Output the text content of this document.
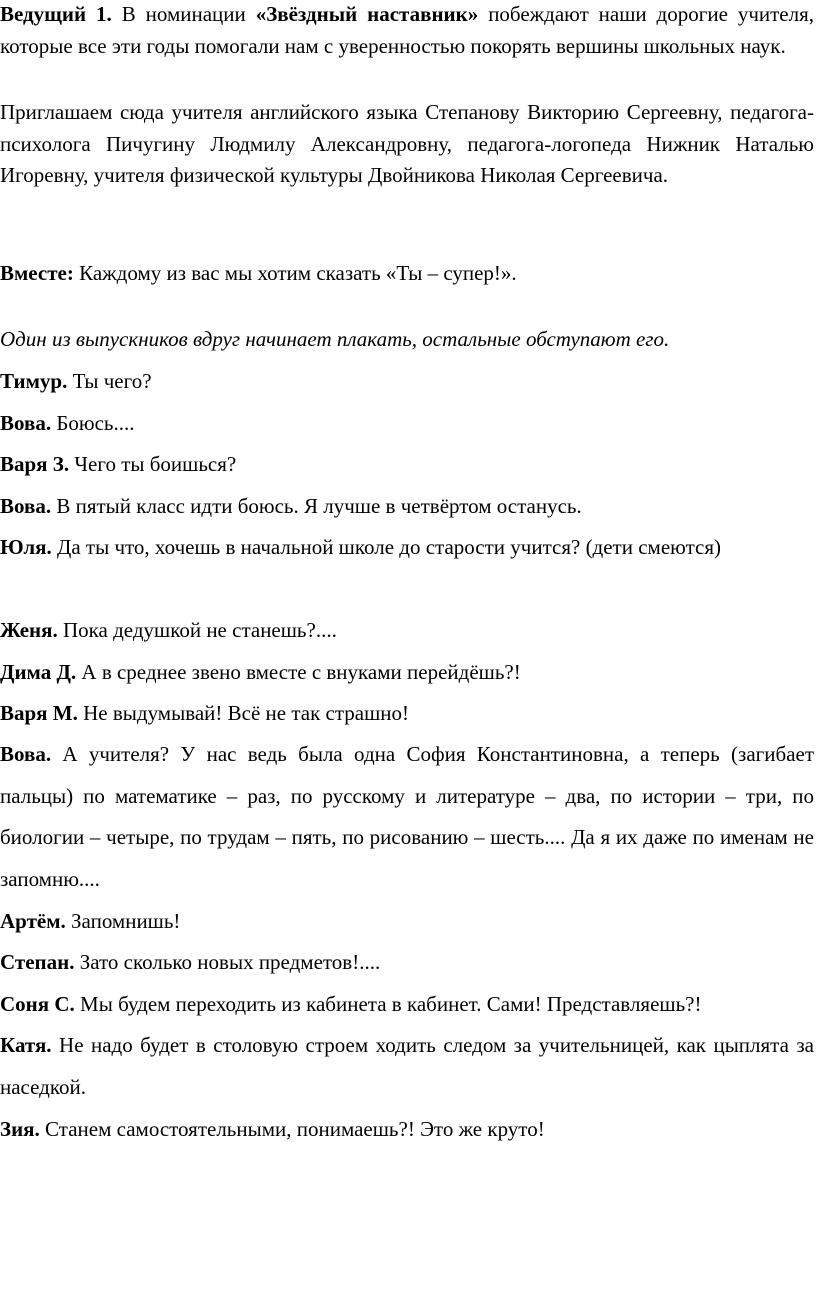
Ведущий 1. В номинации «Звёздный наставник» побеждают наши дорогие учителя, которые все эти годы помогали нам с уверенностью покорять вершины школьных наук.

Приглашаем сюда учителя английского языка Степанову Викторию Сергеевну, педагога-психолога Пичугину Людмилу Александровну, педагога-логопеда Нижник Наталью Игоревну, учителя физической культуры Двойникова Николая Сергеевича.

Вместе: Каждому из вас мы хотим сказать «Ты – супер!».

Один из выпускников вдруг начинает плакать, остальные обступают его.

Тимур. Ты чего?

Вова. Боюсь....

Варя З. Чего ты боишься?

Вова. В пятый класс идти боюсь. Я лучше в четвёртом останусь.

Юля. Да ты что, хочешь в начальной школе до старости учится? (дети смеются)

Женя. Пока дедушкой не станешь?....

Дима Д. А в среднее звено вместе с внуками перейдёшь?!

Варя М. Не выдумывай! Всё не так страшно!

Вова. А учителя? У нас ведь была одна София Константиновна, а теперь (загибает пальцы) по математике – раз, по русскому и литературе – два, по истории – три, по биологии – четыре, по трудам – пять, по рисованию – шесть.... Да я их даже по именам не запомню....

Артём. Запомнишь!

Степан. Зато сколько новых предметов!....

Соня С. Мы будем переходить из кабинета в кабинет. Сами! Представляешь?!

Катя. Не надо будет в столовую строем ходить следом за учительницей, как цыплята за наседкой.

Зия. Станем самостоятельными, понимаешь?! Это же круто!
